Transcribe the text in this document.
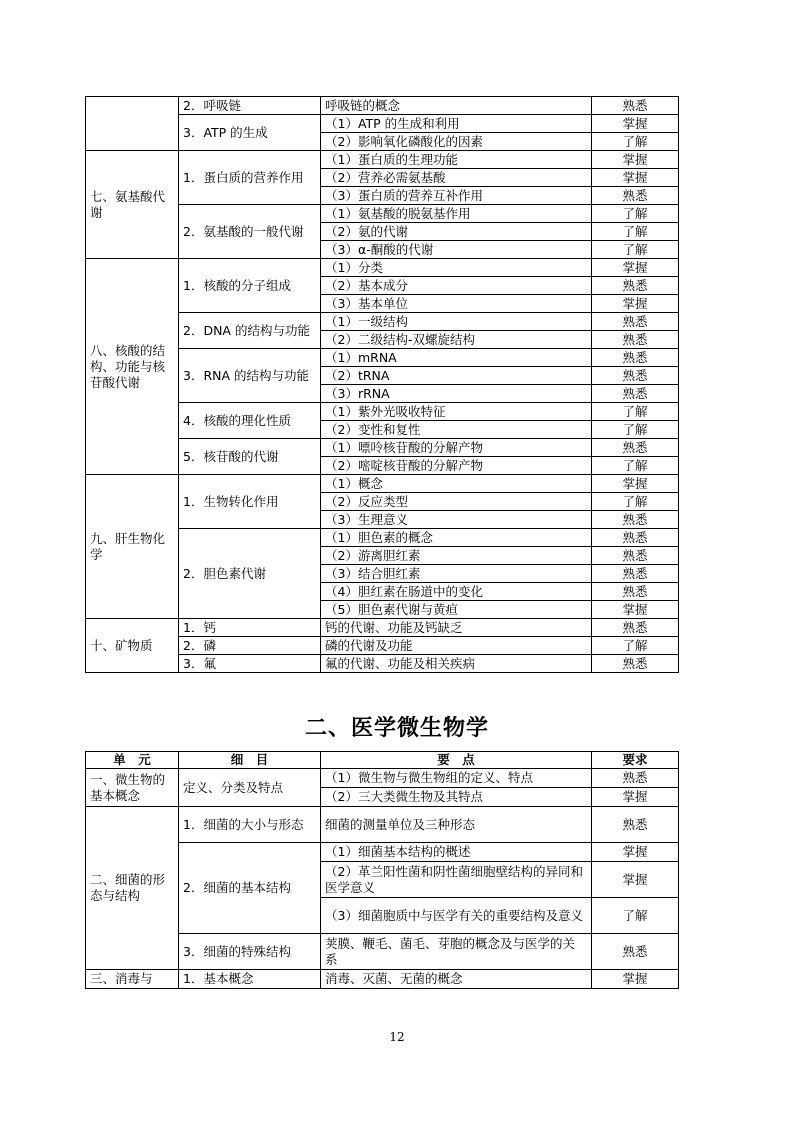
	2．呼吸链	呼吸链的概念	熟悉
	3．ATP 的生成	（1）ATP 的生成和利用	掌握
		（2）影响氧化磷酸化的因素	了解
七、氨基酸代谢	1．蛋白质的营养作用	（1）蛋白质的生理功能	掌握
		（2）营养必需氨基酸	掌握
		（3）蛋白质的营养互补作用	熟悉
	2．氨基酸的一般代谢	（1）氨基酸的脱氨基作用	了解
		（2）氨的代谢	了解
		（3）α-酮酸的代谢	了解
八、核酸的结构、功能与核苷酸代谢	1．核酸的分子组成	（1）分类	掌握
		（2）基本成分	熟悉
		（3）基本单位	掌握
	2．DNA 的结构与功能	（1）一级结构	熟悉
		（2）二级结构-双螺旋结构	熟悉
	3．RNA 的结构与功能	（1）mRNA	熟悉
		（2）tRNA	熟悉
		（3）rRNA	熟悉
	4．核酸的理化性质	（1）紫外光吸收特征	了解
		（2）变性和复性	了解
	5．核苷酸的代谢	（1）嘌呤核苷酸的分解产物	熟悉
		（2）嘧啶核苷酸的分解产物	了解
九、肝生物化学	1．生物转化作用	（1）概念	掌握
		（2）反应类型	了解
		（3）生理意义	熟悉
	2．胆色素代谢	（1）胆色素的概念	熟悉
		（2）游离胆红素	熟悉
		（3）结合胆红素	熟悉
		（4）胆红素在肠道中的变化	熟悉
		（5）胆色素代谢与黄疸	掌握
十、矿物质	1．钙	钙的代谢、功能及钙缺乏	熟悉
	2．磷	磷的代谢及功能	了解
	3．氟	氟的代谢、功能及相关疾病	熟悉
二、医学微生物学
单　元	细　目	要　点	要求
一、微生物的基本概念	定义、分类及特点	（1）微生物与微生物组的定义、特点	熟悉
		（2）三大类微生物及其特点	掌握
二、细菌的形态与结构	1．细菌的大小与形态	细菌的测量单位及三种形态	熟悉
	2．细菌的基本结构	（1）细菌基本结构的概述	掌握
		（2）革兰阳性菌和阴性菌细胞壁结构的异同和医学意义	掌握
		（3）细菌胞质中与医学有关的重要结构及意义	了解
	3．细菌的特殊结构	荚膜、鞭毛、菌毛、芽胞的概念及与医学的关系	熟悉
三、消毒与	1．基本概念	消毒、灭菌、无菌的概念	掌握
12
